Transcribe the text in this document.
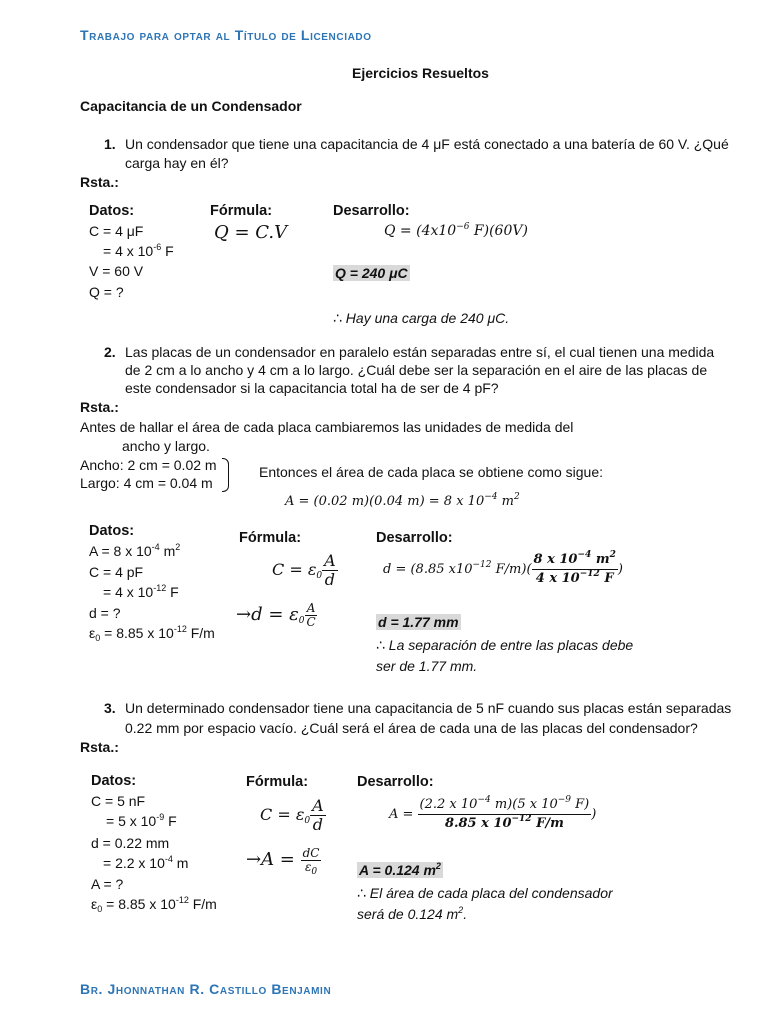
Trabajo para optar al Título de Licenciado
Ejercicios Resueltos
Capacitancia de un Condensador
1. Un condensador que tiene una capacitancia de 4 μF está conectado a una batería de 60 V. ¿Qué
carga hay en él?
Rsta.:
Datos:
C = 4 μF
= 4 x $10^{-6}$ F
V = 60 V
Q = ?
Fórmula:
Q = C.V
Desarrollo:
$Q = (4x10^{-6}$ F)(60V)
Q = 240 μC
∴ Hay una carga de 240 μC.
2. Las placas de un condensador en paralelo están separadas entre sí, el cual tienen una medida
de 2 cm a lo ancho y 4 cm a lo largo. ¿Cuál debe ser la separación en el aire de las placas de
este condensador si la capacitancia total ha de ser de 4 pF?
Rsta.:
Antes de hallar el área de cada placa cambiaremos las unidades de medida del
ancho y largo.
Ancho: 2 cm = 0.02 m
Largo: 4 cm = 0.04 m
Entonces el área de cada placa se obtiene como sigue:
A = (0.02 m)(0.04 m) = 8 x $10^{-4}$ $m^2$
Datos:
A = 8 x $10^{-4}$ $m^2$
C = 4 pF
= 4 x $10^{-12}$ F
d = ?
$\varepsilon_0 = 8.85$ x $10^{-12}$ F/m
Fórmula:
$C = \varepsilon_0 \frac{A}{d}$
$\to d = \varepsilon_0 \frac{A}{C}$
Desarrollo:
d = (8.85 $x10^{-12}$ $F/m)( \frac{8 x 10^{-4} m^2}{4 x 10^{-12} F}$ )
d = 1.77 mm
∴ La separación de entre las placas debe
ser de 1.77 mm.
3. Un determinado condensador tiene una capacitancia de 5 nF cuando sus placas están separadas
0.22 mm por espacio vacío. ¿Cuál será el área de cada una de las placas del condensador?
Rsta.:
Datos:
C = 5 nF
= 5 x $10^{-9}$ F
d = 0.22 mm
= 2.2 x $10^{-4}$ m
A = ?
$\varepsilon_0 = 8.85$ x $10^{-12}$ F/m
Fórmula:
$C = \varepsilon_0 \frac{A}{d}$
$\to A = \frac{dC}{\varepsilon_0}$
Desarrollo:
$A = \frac{(2.2 x 10^{-4} m)(5 x 10^{-9} F)}{8.85 x 10^{-12} F/m}$ )
A = 0.124 $m^2$
∴ El área de cada placa del condensador
será de 0.124 $m^2$.
Br. Jhonnathan R. Castillo Benjamin
